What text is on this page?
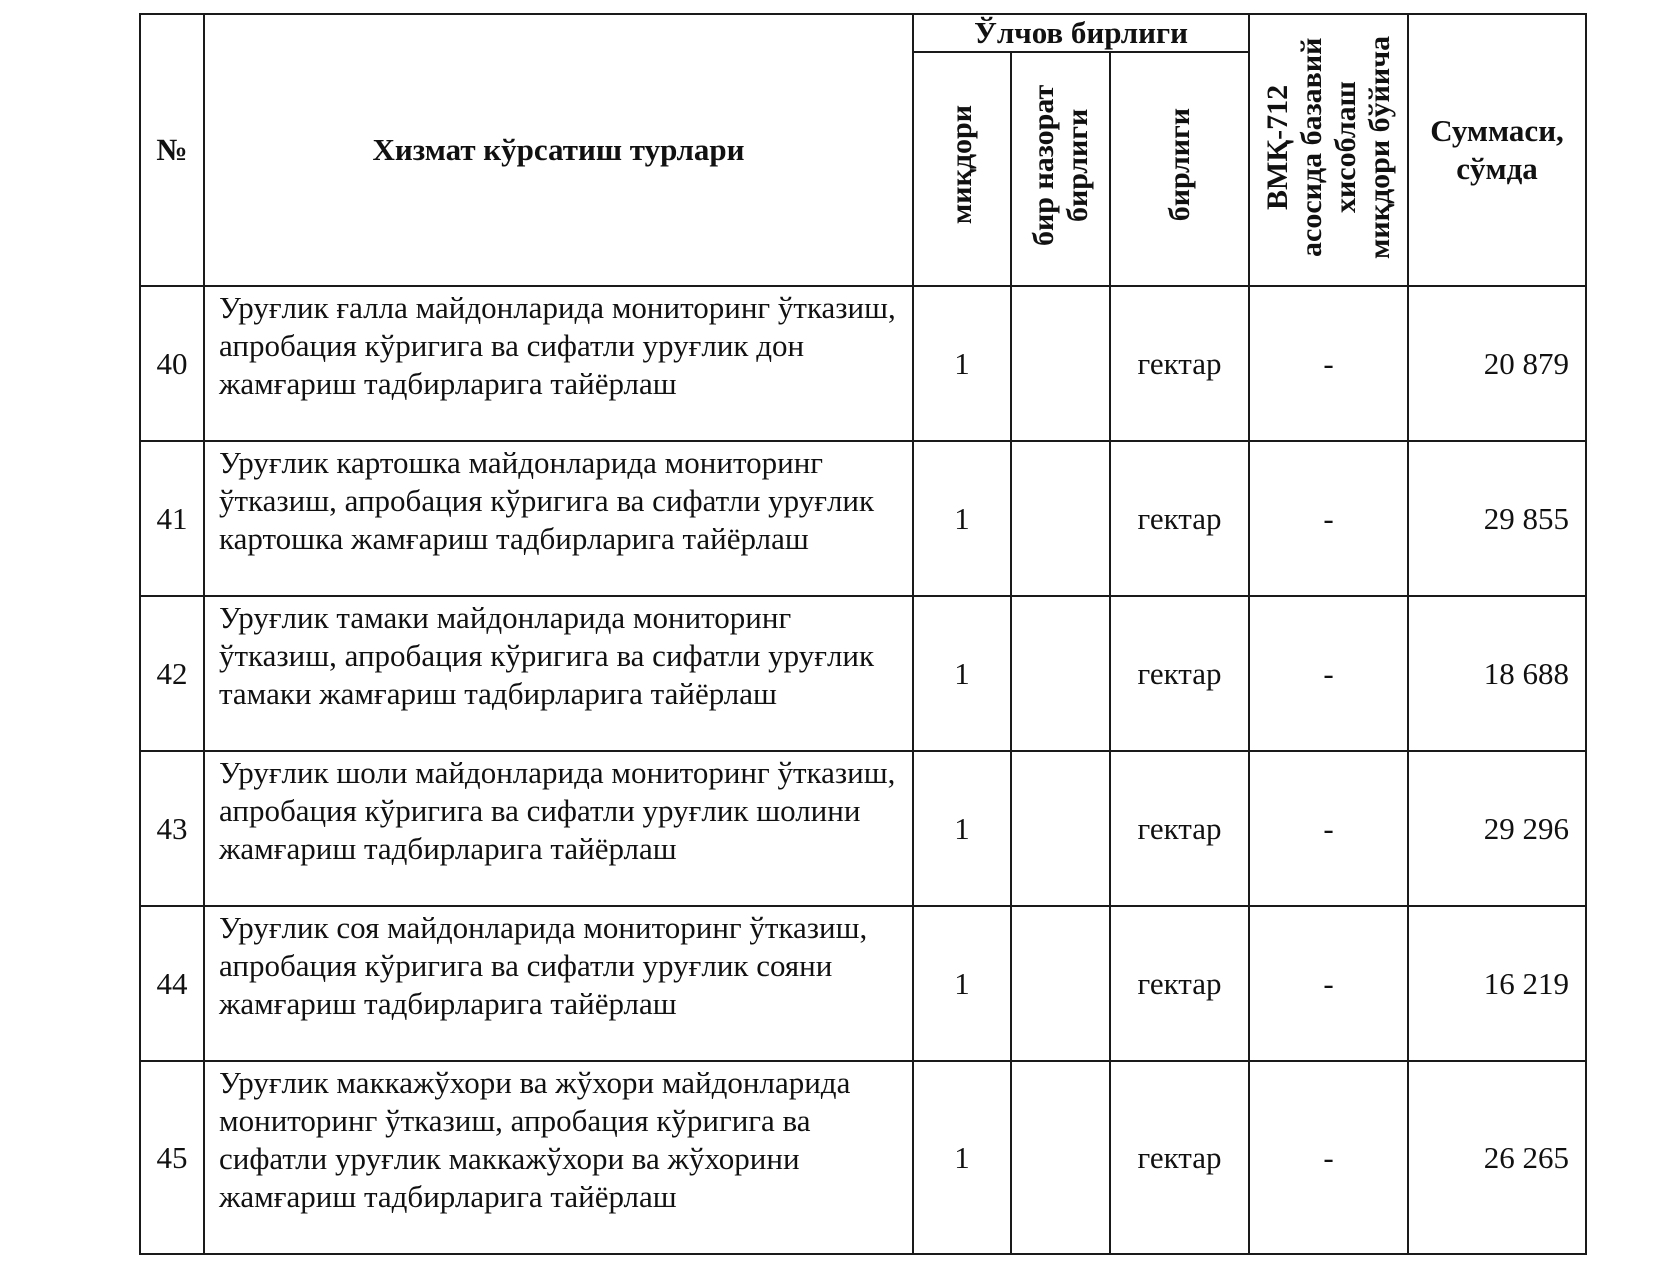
№	Хизмат кўрсатиш турлари	Ўлчов бирлиги			ВМҚ-712 асосида базавий хисоблаш миқдори бўйича	Суммаси, сўмда
		миқдори	бир назорат бирлиги	бирлиги		
40	Уруғлик ғалла майдонларида мониторинг ўтказиш, апробация кўригига ва сифатли уруғлик дон жамғариш тадбирларига тайёрлаш	1		гектар	-	20 879
41	Уруғлик картошка майдонларида мониторинг ўтказиш, апробация кўригига ва сифатли уруғлик картошка жамғариш тадбирларига тайёрлаш	1		гектар	-	29 855
42	Уруғлик тамаки майдонларида мониторинг ўтказиш, апробация кўригига ва сифатли уруғлик тамаки жамғариш тадбирларига тайёрлаш	1		гектар	-	18 688
43	Уруғлик шоли майдонларида мониторинг ўтказиш, апробация кўригига ва сифатли уруғлик шолини жамғариш тадбирларига тайёрлаш	1		гектар	-	29 296
44	Уруғлик соя майдонларида мониторинг ўтказиш, апробация кўригига ва сифатли уруғлик сояни жамғариш тадбирларига тайёрлаш	1		гектар	-	16 219
45	Уруғлик маккажўхори ва жўхори майдонларида мониторинг ўтказиш, апробация кўригига ва сифатли уруғлик маккажўхори ва жўхорини жамғариш тадбирларига тайёрлаш	1		гектар	-	26 265
